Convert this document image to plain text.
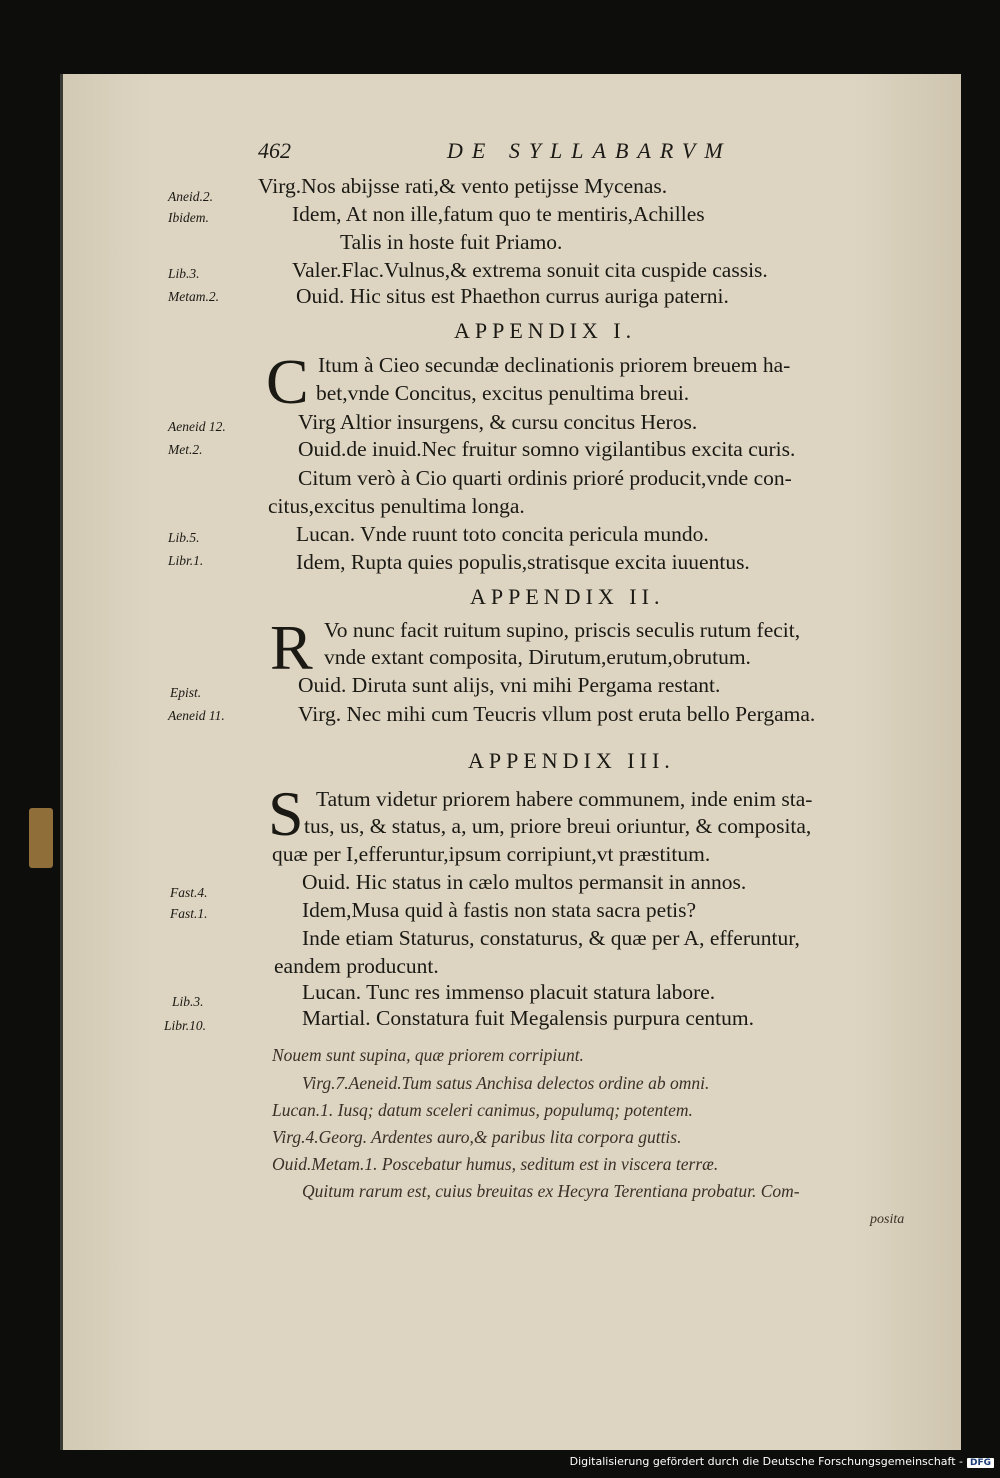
462	DE SYLLABARVM
Aneid.2.
Ibidem.
Lib.3.
Metam.2.
Aeneid 12.
Met.2.
Lib.5.
Libr.1.
Epist.
Aeneid 11.
Fast.4.
Fast.1.
Lib.3.
Libr.10.
Virg.Nos abijsse rati,& vento petijsse Mycenas.
Idem, At non ille,fatum quo te mentiris,Achilles
Talis in hoste fuit Priamo.
Valer.Flac.Vulnus,& extrema sonuit cita cuspide cassis.
Ouid. Hic situs est Phaethon currus auriga paterni.
APPENDIX I.
C Itum à Cieo secundæ declinationis priorem breuem ha-
bet,vnde Concitus, excitus penultima breui.
Virg Altior insurgens, & cursu concitus Heros.
Ouid.de inuid.Nec fruitur somno vigilantibus excita curis.
Citum verò à Cio quarti ordinis prioré producit,vnde con-
citus,excitus penultima longa.
Lucan. Vnde ruunt toto concita pericula mundo.
Idem, Rupta quies populis,stratisque excita iuuentus.
APPENDIX II.
R Vo nunc facit ruitum supino, priscis seculis rutum fecit,
vnde extant composita, Dirutum,erutum,obrutum.
Ouid. Diruta sunt alijs, vni mihi Pergama restant.
Virg. Nec mihi cum Teucris vllum post eruta bello Pergama.
APPENDIX III.
S Tatum videtur priorem habere communem, inde enim sta-
tus, us, & status, a, um, priore breui oriuntur, & composita,
quæ per I,efferuntur,ipsum corripiunt,vt præstitum.
Ouid. Hic status in cælo multos permansit in annos.
Idem,Musa quid à fastis non stata sacra petis?
Inde etiam Staturus, constaturus, & quæ per A, efferuntur,
eandem producunt.
Lucan. Tunc res immenso placuit statura labore.
Martial. Constatura fuit Megalensis purpura centum.
Nouem sunt supina, quæ priorem corripiunt.
Virg.7.Aeneid.Tum satus Anchisa delectos ordine ab omni.
Lucan.1. Iusq; datum sceleri canimus, populumq; potentem.
Virg.4.Georg. Ardentes auro,& paribus lita corpora guttis.
Ouid.Metam.1. Poscebatur humus, seditum est in viscera terræ.
Quitum rarum est, cuius breuitas ex Hecyra Terentiana probatur. Com-
posita
Digitalisierung gefördert durch die Deutsche Forschungsgemeinschaft - DFG
